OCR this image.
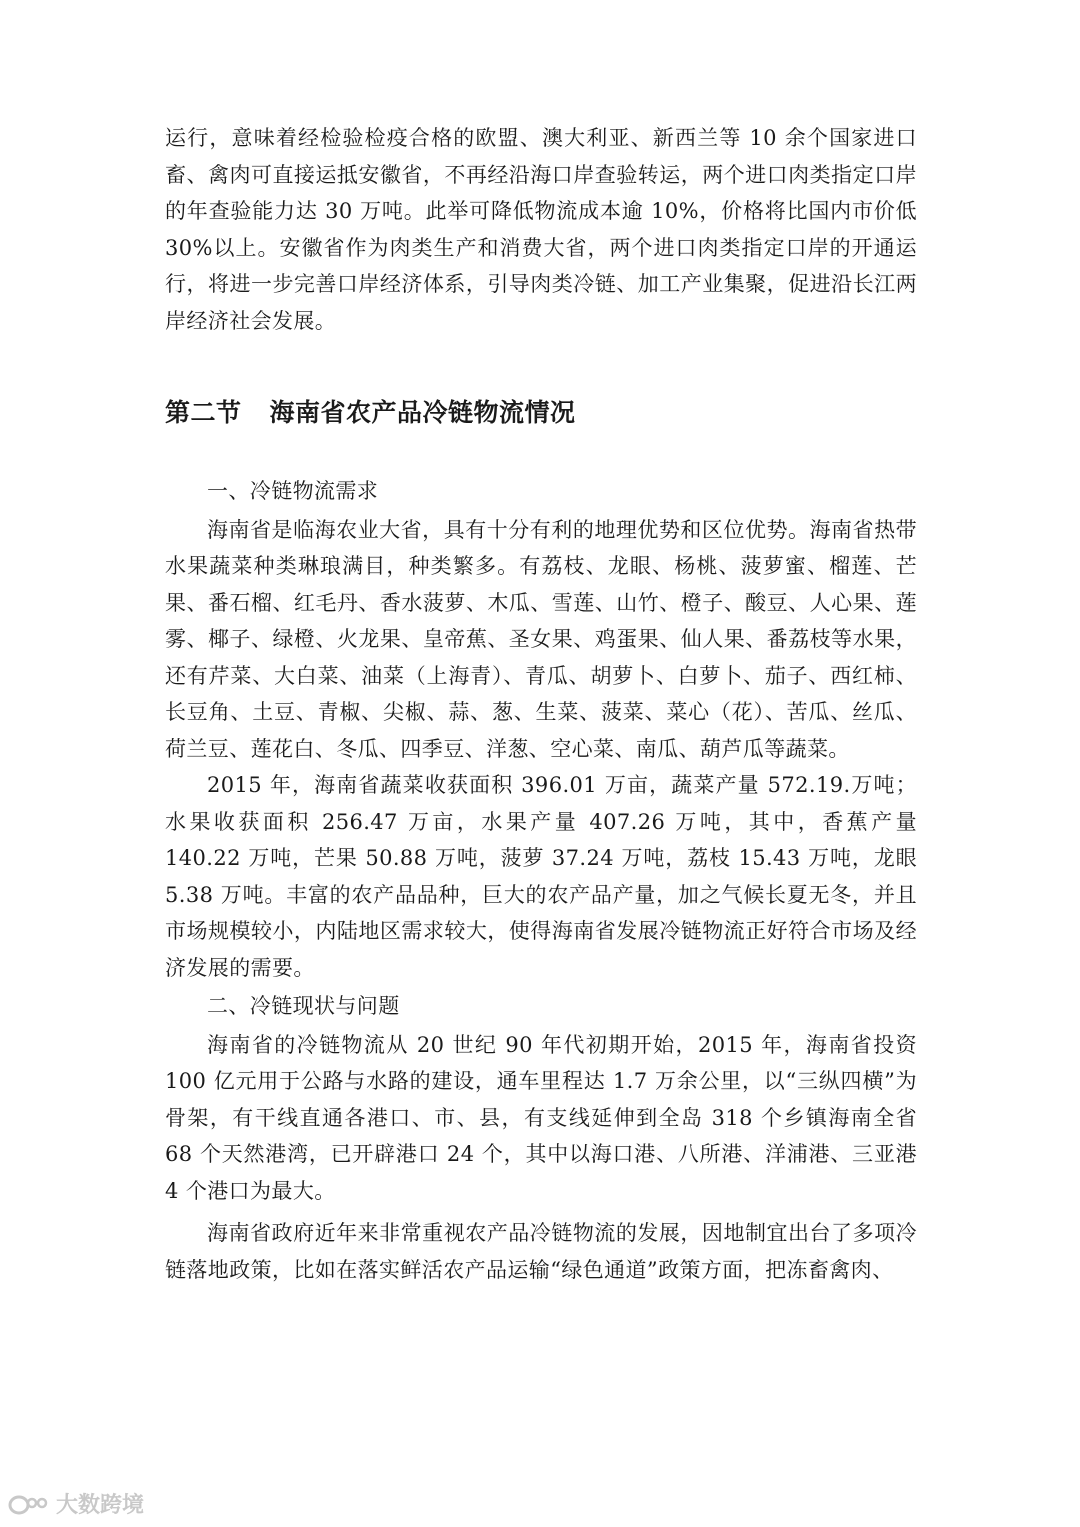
运行，意味着经检验检疫合格的欧盟、澳大利亚、新西兰等 10 余个国家进口畜、禽肉可直接运抵安徽省，不再经沿海口岸查验转运，两个进口肉类指定口岸的年查验能力达 30 万吨。此举可降低物流成本逾 10%，价格将比国内市价低 30%以上。安徽省作为肉类生产和消费大省，两个进口肉类指定口岸的开通运行，将进一步完善口岸经济体系，引导肉类冷链、加工产业集聚，促进沿长江两岸经济社会发展。

第二节 海南省农产品冷链物流情况

一、冷链物流需求

海南省是临海农业大省，具有十分有利的地理优势和区位优势。海南省热带水果蔬菜种类琳琅满目，种类繁多。有荔枝、龙眼、杨桃、菠萝蜜、榴莲、芒果、番石榴、红毛丹、香水菠萝、木瓜、雪莲、山竹、橙子、酸豆、人心果、莲雾、椰子、绿橙、火龙果、皇帝蕉、圣女果、鸡蛋果、仙人果、番荔枝等水果，还有芹菜、大白菜、油菜（上海青）、青瓜、胡萝卜、白萝卜、茄子、西红柿、长豆角、土豆、青椒、尖椒、蒜、葱、生菜、菠菜、菜心（花）、苦瓜、丝瓜、荷兰豆、莲花白、冬瓜、四季豆、洋葱、空心菜、南瓜、葫芦瓜等蔬菜。

2015 年，海南省蔬菜收获面积 396.01 万亩，蔬菜产量 572.19.万吨；水果收获面积 256.47 万亩，水果产量 407.26 万吨，其中，香蕉产量 140.22 万吨，芒果 50.88 万吨，菠萝 37.24 万吨，荔枝 15.43 万吨，龙眼 5.38 万吨。丰富的农产品品种，巨大的农产品产量，加之气候长夏无冬，并且市场规模较小，内陆地区需求较大，使得海南省发展冷链物流正好符合市场及经济发展的需要。

二、冷链现状与问题

海南省的冷链物流从 20 世纪 90 年代初期开始，2015 年，海南省投资 100 亿元用于公路与水路的建设，通车里程达 1.7 万余公里，以“三纵四横”为骨架，有干线直通各港口、市、县，有支线延伸到全岛 318 个乡镇海南全省 68 个天然港湾，已开辟港口 24 个，其中以海口港、八所港、洋浦港、三亚港 4 个港口为最大。

海南省政府近年来非常重视农产品冷链物流的发展，因地制宜出台了多项冷链落地政策，比如在落实鲜活农产品运输“绿色通道”政策方面，把冻畜禽肉、

大数跨境
